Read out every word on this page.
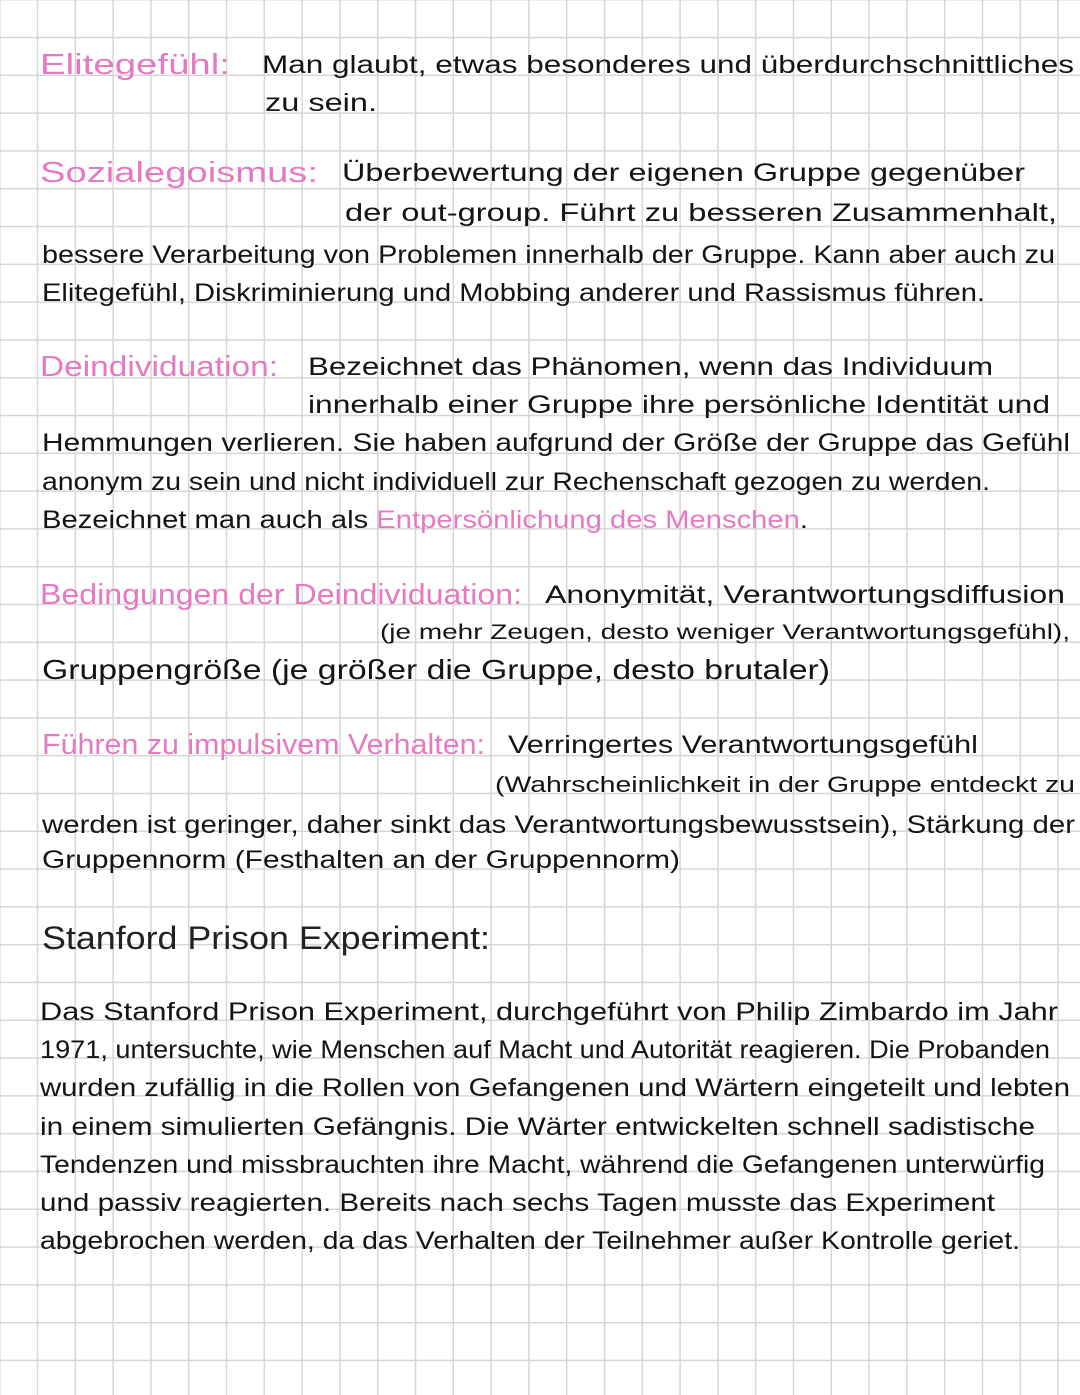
Elitegefühl: Man glaubt, etwas besonderes und überdurchschnittliches
zu sein.
Sozialegoismus: Überbewertung der eigenen Gruppe gegenüber
der out-group. Führt zu besseren Zusammenhalt,
bessere Verarbeitung von Problemen innerhalb der Gruppe. Kann aber auch zu
Elitegefühl, Diskriminierung und Mobbing anderer und Rassismus führen.
Deindividuation: Bezeichnet das Phänomen, wenn das Individuum
innerhalb einer Gruppe ihre persönliche Identität und
Hemmungen verlieren. Sie haben aufgrund der Größe der Gruppe das Gefühl
anonym zu sein und nicht individuell zur Rechenschaft gezogen zu werden.
Bezeichnet man auch als Entpersönlichung des Menschen.
Bedingungen der Deindividuation: Anonymität, Verantwortungsdiffusion
(je mehr Zeugen, desto weniger Verantwortungsgefühl),
Gruppengröße (je größer die Gruppe, desto brutaler)
Führen zu impulsivem Verhalten: Verringertes Verantwortungsgefühl
(Wahrscheinlichkeit in der Gruppe entdeckt zu
werden ist geringer, daher sinkt das Verantwortungsbewusstsein), Stärkung der
Gruppennorm (Festhalten an der Gruppennorm)
Stanford Prison Experiment:
Das Stanford Prison Experiment, durchgeführt von Philip Zimbardo im Jahr
1971, untersuchte, wie Menschen auf Macht und Autorität reagieren. Die Probanden
wurden zufällig in die Rollen von Gefangenen und Wärtern eingeteilt und lebten
in einem simulierten Gefängnis. Die Wärter entwickelten schnell sadistische
Tendenzen und missbrauchten ihre Macht, während die Gefangenen unterwürfig
und passiv reagierten. Bereits nach sechs Tagen musste das Experiment
abgebrochen werden, da das Verhalten der Teilnehmer außer Kontrolle geriet.
